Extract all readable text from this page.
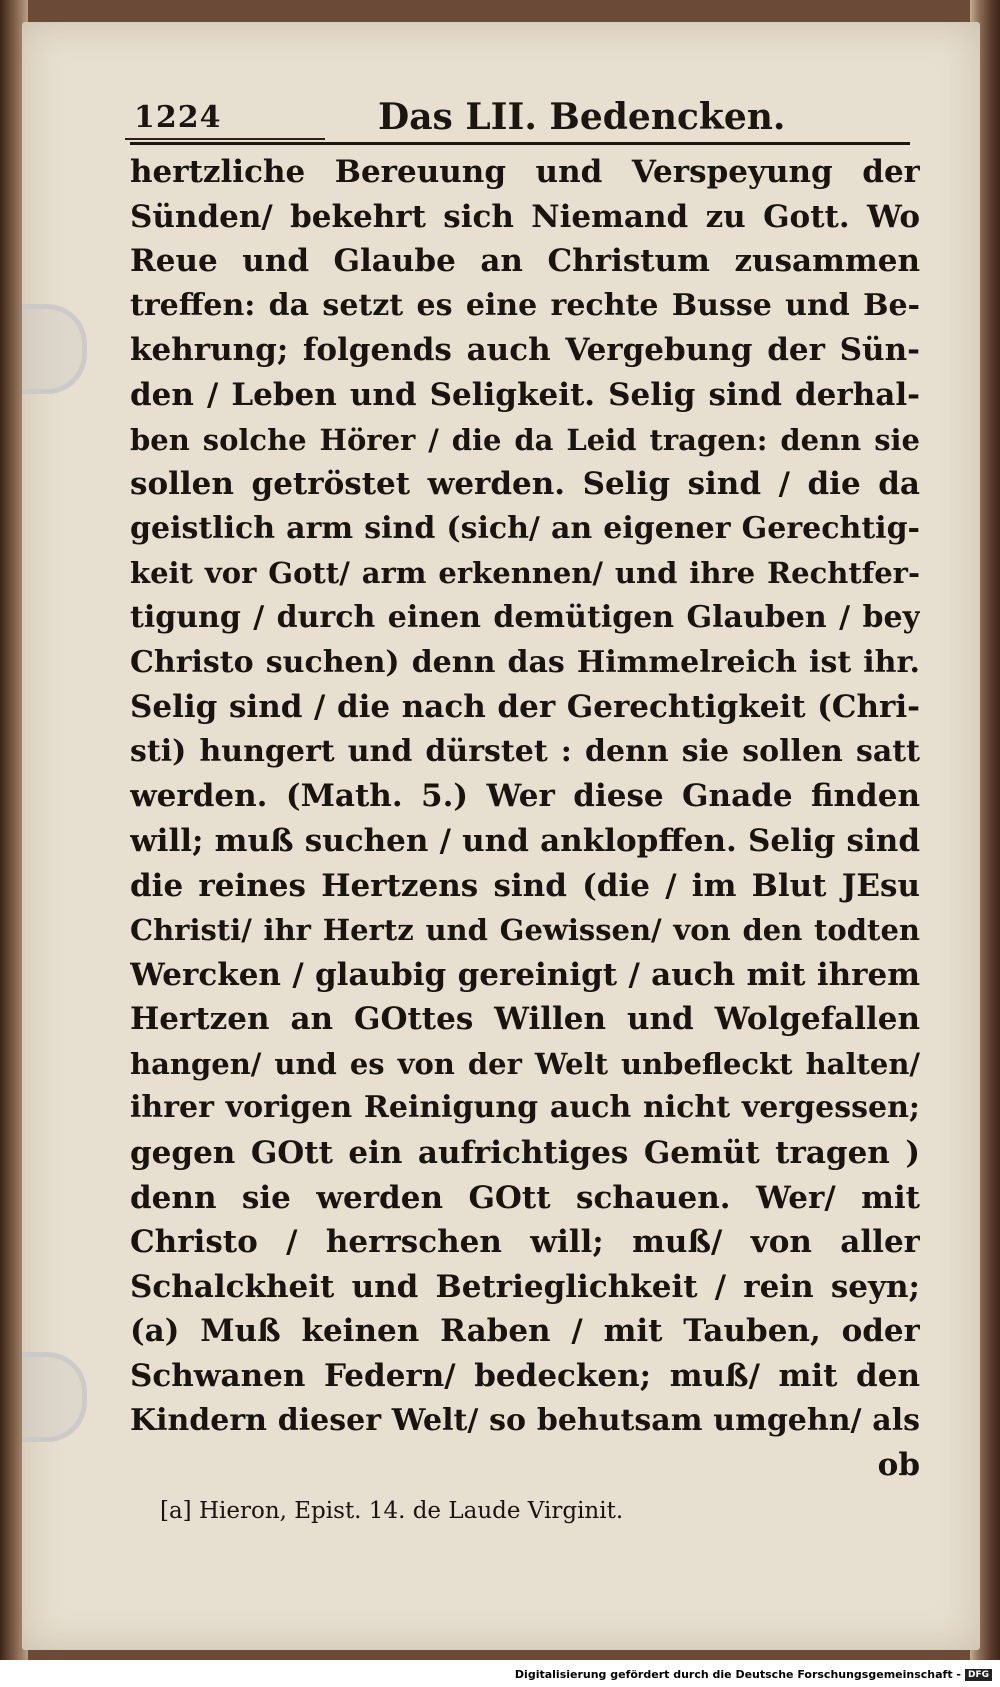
1224	Das LII. Bedencken.
hertzliche Bereuung und Verspeyung der
Sünden/ bekehrt sich Niemand zu Gott. Wo
Reue und Glaube an Christum zusammen
treffen: da setzt es eine rechte Busse und Be-
kehrung; folgends auch Vergebung der Sün-
den / Leben und Seligkeit. Selig sind derhal-
ben solche Hörer / die da Leid tragen: denn sie
sollen getröstet werden. Selig sind / die da
geistlich arm sind (sich/ an eigener Gerechtig-
keit vor Gott/ arm erkennen/ und ihre Rechtfer-
tigung / durch einen demütigen Glauben / bey
Christo suchen) denn das Himmelreich ist ihr.
Selig sind / die nach der Gerechtigkeit (Chri-
sti) hungert und dürstet : denn sie sollen satt
werden. (Math. 5.) Wer diese Gnade finden
will; muß suchen / und anklopffen. Selig sind
die reines Hertzens sind (die / im Blut JEsu
Christi/ ihr Hertz und Gewissen/ von den todten
Wercken / glaubig gereinigt / auch mit ihrem
Hertzen an GOttes Willen und Wolgefallen
hangen/ und es von der Welt unbefleckt halten/
ihrer vorigen Reinigung auch nicht vergessen;
gegen GOtt ein aufrichtiges Gemüt tragen )
denn sie werden GOtt schauen. Wer/ mit
Christo / herrschen will; muß/ von aller
Schalckheit und Betrieglichkeit / rein seyn;
(a) Muß keinen Raben / mit Tauben, oder
Schwanen Federn/ bedecken; muß/ mit den
Kindern dieser Welt/ so behutsam umgehn/ als
ob
[a] Hieron, Epist. 14. de Laude Virginit.
Digitalisierung gefördert durch die Deutsche Forschungsgemeinschaft - DFG
